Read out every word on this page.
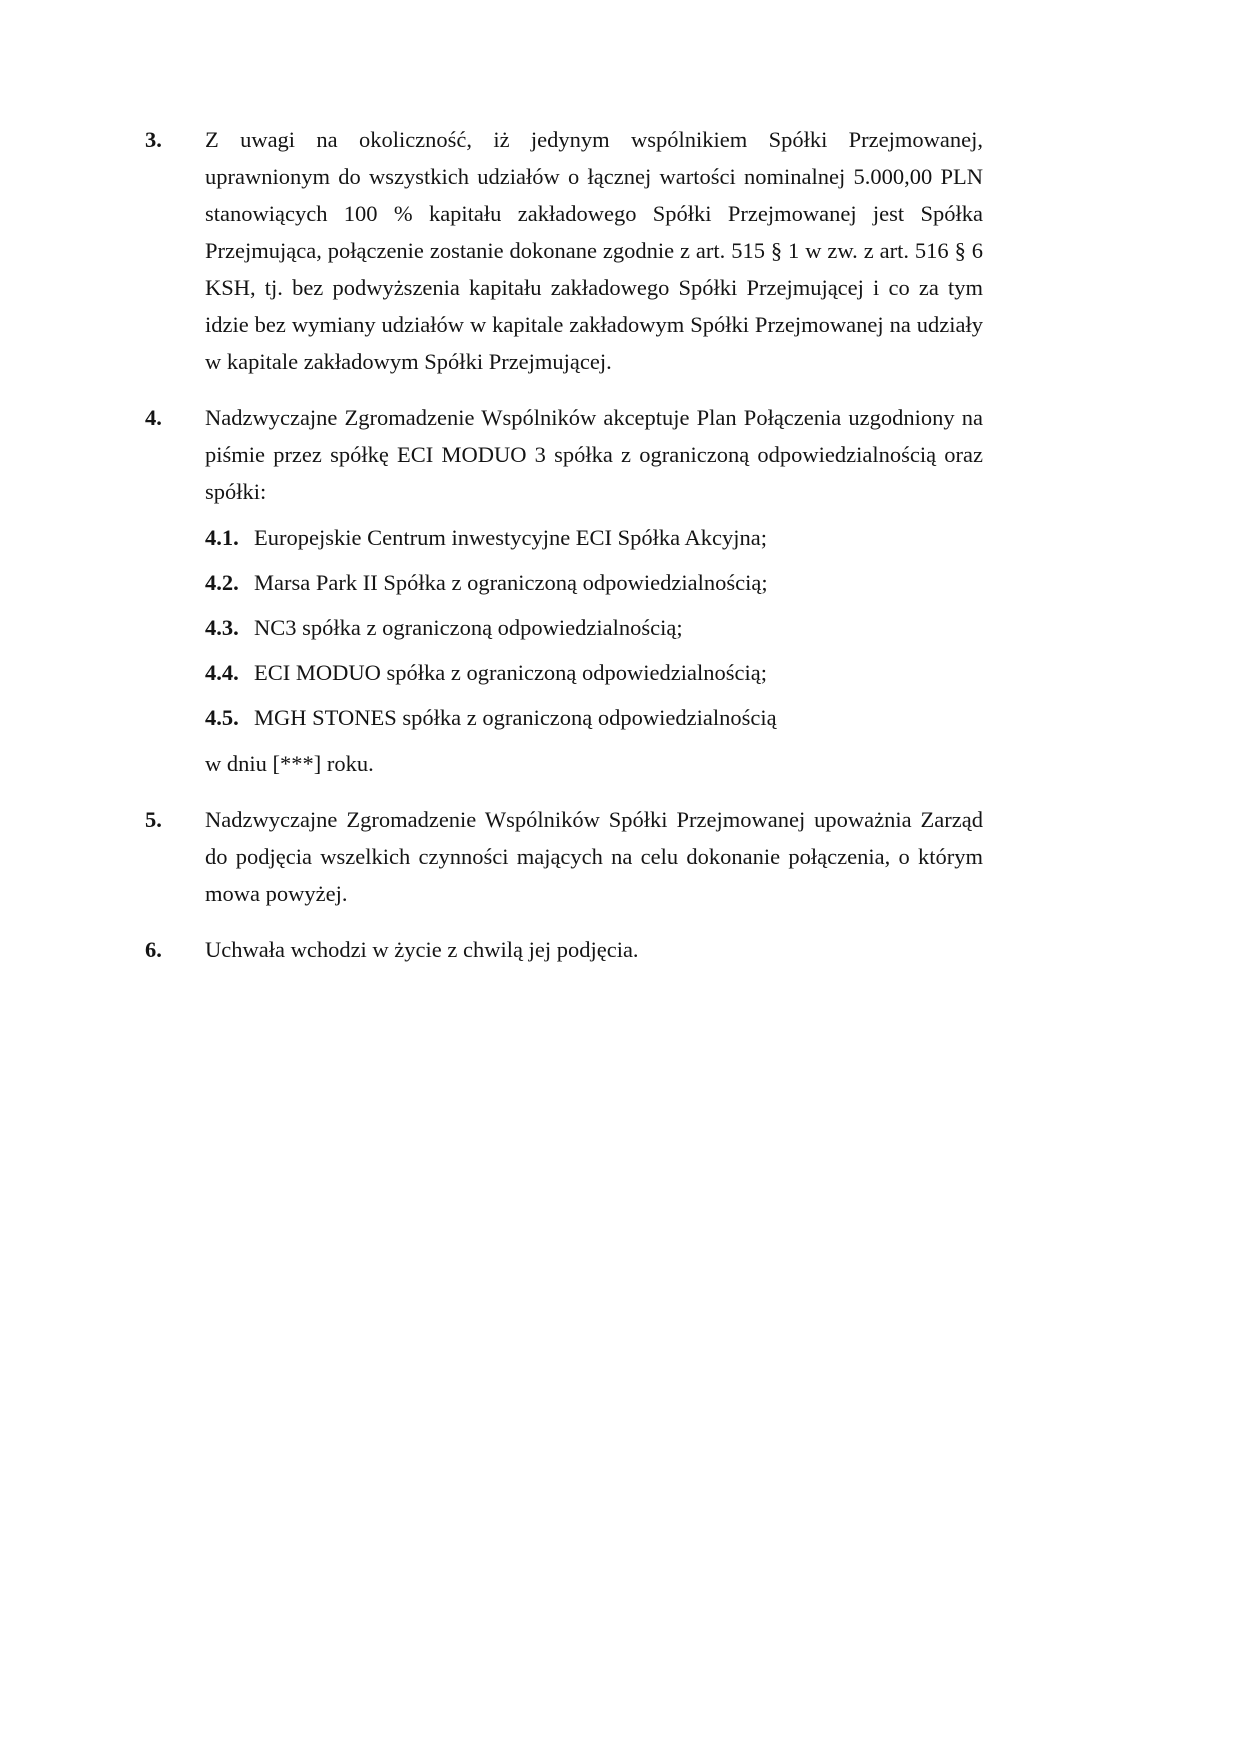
3.	Z uwagi na okoliczność, iż jedynym wspólnikiem Spółki Przejmowanej, uprawnionym do wszystkich udziałów o łącznej wartości nominalnej 5.000,00 PLN stanowiących 100 % kapitału zakładowego Spółki Przejmowanej jest Spółka Przejmująca, połączenie zostanie dokonane zgodnie z art. 515 § 1 w zw. z art. 516 § 6 KSH, tj. bez podwyższenia kapitału zakładowego Spółki Przejmującej i co za tym idzie bez wymiany udziałów w kapitale zakładowym Spółki Przejmowanej na udziały w kapitale zakładowym Spółki Przejmującej.
4.	Nadzwyczajne Zgromadzenie Wspólników akceptuje Plan Połączenia uzgodniony na piśmie przez spółkę ECI MODUO 3 spółka z ograniczoną odpowiedzialnością oraz spółki:
4.1. Europejskie Centrum inwestycyjne ECI Spółka Akcyjna;
4.2. Marsa Park II Spółka z ograniczoną odpowiedzialnością;
4.3. NC3 spółka z ograniczoną odpowiedzialnością;
4.4. ECI MODUO spółka z ograniczoną odpowiedzialnością;
4.5. MGH STONES spółka z ograniczoną odpowiedzialnością
w dniu [***] roku.
5.	Nadzwyczajne Zgromadzenie Wspólników Spółki Przejmowanej upoważnia Zarząd do podjęcia wszelkich czynności mających na celu dokonanie połączenia, o którym mowa powyżej.
6.	Uchwała wchodzi w życie z chwilą jej podjęcia.
